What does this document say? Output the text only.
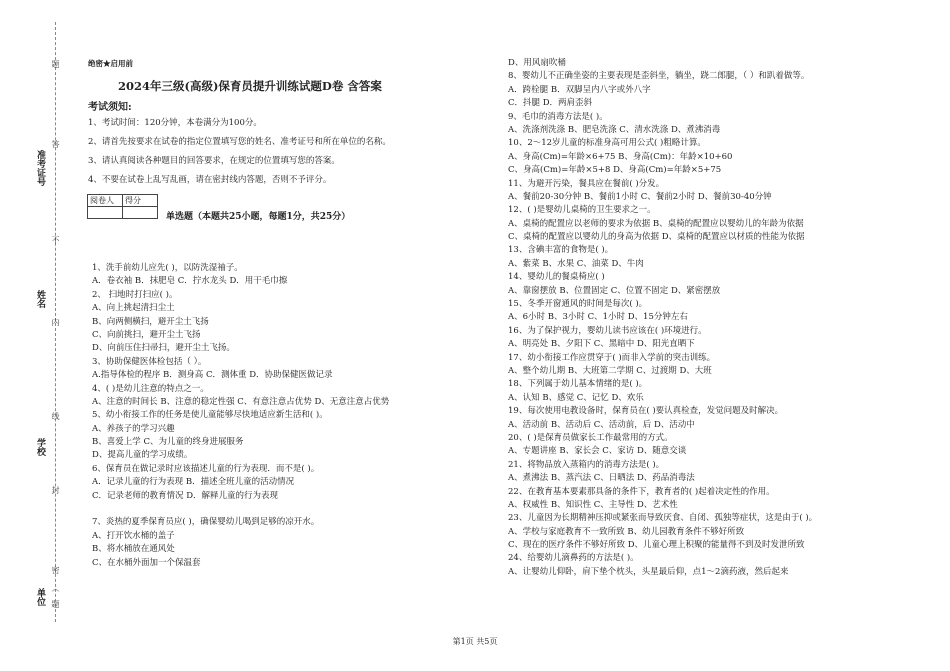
准考证号
姓名
学校
单位
题
答
不
内
线
封
密
（
题
绝密★启用前
2024年三级(高级)保育员提升训练试题D卷 含答案
考试须知:
1、考试时间：120分钟，本卷满分为100分。
2、请首先按要求在试卷的指定位置填写您的姓名、准考证号和所在单位的名称。
3、请认真阅读各种题目的回答要求，在规定的位置填写您的答案。
4、不要在试卷上乱写乱画，请在密封线内答题，否则不予评分。
阅卷人	得分

单选题（本题共25小题，每题1分，共25分）
1、洗手前幼儿应先( )，以防洗湿袖子。
A．卷衣袖 B．抹肥皂 C．拧水龙头 D．用干毛巾擦
2、 扫地时打扫应( )。
A、向上挑起清扫尘土
B、向两侧横扫，避开尘土飞扬
C、向前挑扫，避开尘土飞扬
D、向前压住扫帚扫，避开尘土飞扬。
3、协助保健医体检包括（ ）。
A.指导体检的程序 B．测身高 C．测体重 D．协助保健医做记录
4、( )是幼儿注意的特点之一。
A、注意的时间长 B、注意的稳定性强 C、有意注意占优势 D、无意注意占优势
5、幼小衔接工作的任务是使儿童能够尽快地适应新生活和( )。
A、养孩子的学习兴趣
B、喜爱上学 C、为儿童的终身进展服务
D、提高儿童的学习成绩。
6、保育员在做记录时应该描述儿童的行为表现．而不是( )。
A．记录儿童的行为表现 B．描述全班儿童的活动情况
C．记录老师的教育情况 D．解释儿童的行为表现
7、炎热的夏季保育员应( )，确保婴幼儿喝到足够的凉开水。
A、打开饮水桶的盖子
B、将水桶放在通风处
C、在水桶外面加一个保温套
D、用风扇吹桶
8、婴幼儿不正确坐姿的主要表现是歪斜坐，躺坐，跷二郎腿，（ ）和趴着做等。
A．跨栓腿 B．双脚呈内八字或外八字
C．抖腿 D．两肩歪斜
9、毛巾的消毒方法是( )。
A、洗涤剂洗涤 B、肥皂洗涤 C、清水洗涤 D、煮沸消毒
10、2～12岁儿童的标准身高可用公式( )粗略计算。
A、身高(Cm)=年龄×6+75 B、身高(Cm)：年龄×10+60
C、身高(Cm)=年龄×5+8 D、身高(Cm)=年龄×5+75
11、为避开污染，餐具应在餐前( )分发。
A、餐前20-30分钟 B、餐前1小时 C、餐前2小时 D、餐前30-40分钟
12、( )是婴幼儿桌椅的卫生要求之一。
A、桌椅的配置应以老师的要求为依据 B、桌椅的配置应以婴幼儿的年龄为依据
C、桌椅的配置应以婴幼儿的身高为依据 D、桌椅的配置应以材质的性能为依据
13、含碘丰富的食物是( )。
A、紫菜 B、水果 C、油菜 D、牛肉
14、婴幼儿的餐桌椅应( )
A、靠窗摆放 B、位置固定 C、位置不固定 D、紧密摆放
15、冬季开窗通风的时间是每次( )。
A、6小时 B、3小时 C、1小时 D、15分钟左右
16、为了保护视力，婴幼儿读书应该在( )环境进行。
A、明亮处 B、夕阳下 C、黑暗中 D、阳光直晒下
17、幼小衔接工作应贯穿于( )而非入学前的突击训练。
A、整个幼儿期 B、大班第二学期 C、过渡期 D、大班
18、下列属于幼儿基本情绪的是( )。
A、认知 B、感觉 C、记忆 D、欢乐
19、每次使用电教设备时，保育员在( )要认真检查，发觉问题及时解决。
A、活动前 B、活动后 C、活动前，后 D、活动中
20、( )是保育员做家长工作最常用的方式。
A、专题讲座 B、家长会 C、家访 D、随意交谈
21、将物品放入蒸箱内的消毒方法是( )。
A、煮沸法 B、蒸汽法 C、日晒法 D、药品消毒法
22、在教育基本要素那具备的条件下，教育者的( )起着决定性的作用。
A、权威性 B、知识性 C、主导性 D、艺术性
23、儿童因为长期精神压抑或紧张而导致厌食、自闭、孤独等症状，这是由于( )。
A、学校与家庭教育不一致所致 B、幼儿园教育条件不够好所致
C、现在的医疗条件不够好所致 D、儿童心理上积聚的能量得不到及时发泄所致
24、给婴幼儿滴鼻药的方法是( )。
A、让婴幼儿仰卧，肩下垫个枕头，头星最后仰，点1～2滴药液，然后起来
第1页 共5页
